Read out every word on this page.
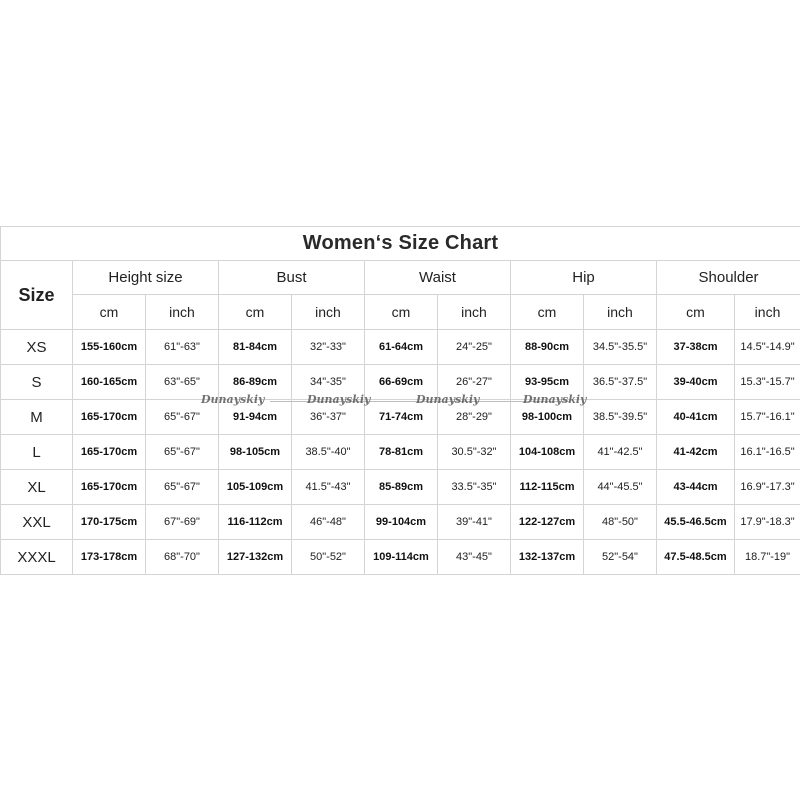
Women‘s Size Chart										
Size	Height size		Bust		Waist		Hip		Shoulder	
	cm	inch	cm	inch	cm	inch	cm	inch	cm	inch
XS	155-160cm	61"-63"	81-84cm	32"-33"	61-64cm	24"-25"	88-90cm	34.5"-35.5"	37-38cm	14.5"-14.9"
S	160-165cm	63"-65"	86-89cm	34"-35"	66-69cm	26"-27"	93-95cm	36.5"-37.5"	39-40cm	15.3"-15.7"
M	165-170cm	65"-67"	91-94cm	36"-37"	71-74cm	28"-29"	98-100cm	38.5"-39.5"	40-41cm	15.7"-16.1"
L	165-170cm	65"-67"	98-105cm	38.5"-40"	78-81cm	30.5"-32"	104-108cm	41"-42.5"	41-42cm	16.1"-16.5"
XL	165-170cm	65"-67"	105-109cm	41.5"-43"	85-89cm	33.5"-35"	112-115cm	44"-45.5"	43-44cm	16.9"-17.3"
XXL	170-175cm	67"-69"	116-112cm	46"-48"	99-104cm	39"-41"	122-127cm	48"-50"	45.5-46.5cm	17.9"-18.3"
XXXL	173-178cm	68"-70"	127-132cm	50"-52"	109-114cm	43"-45"	132-137cm	52"-54"	47.5-48.5cm	18.7"-19"
Dunayskiy	Dunayskiy	Dunayskiy	Dunayskiy
